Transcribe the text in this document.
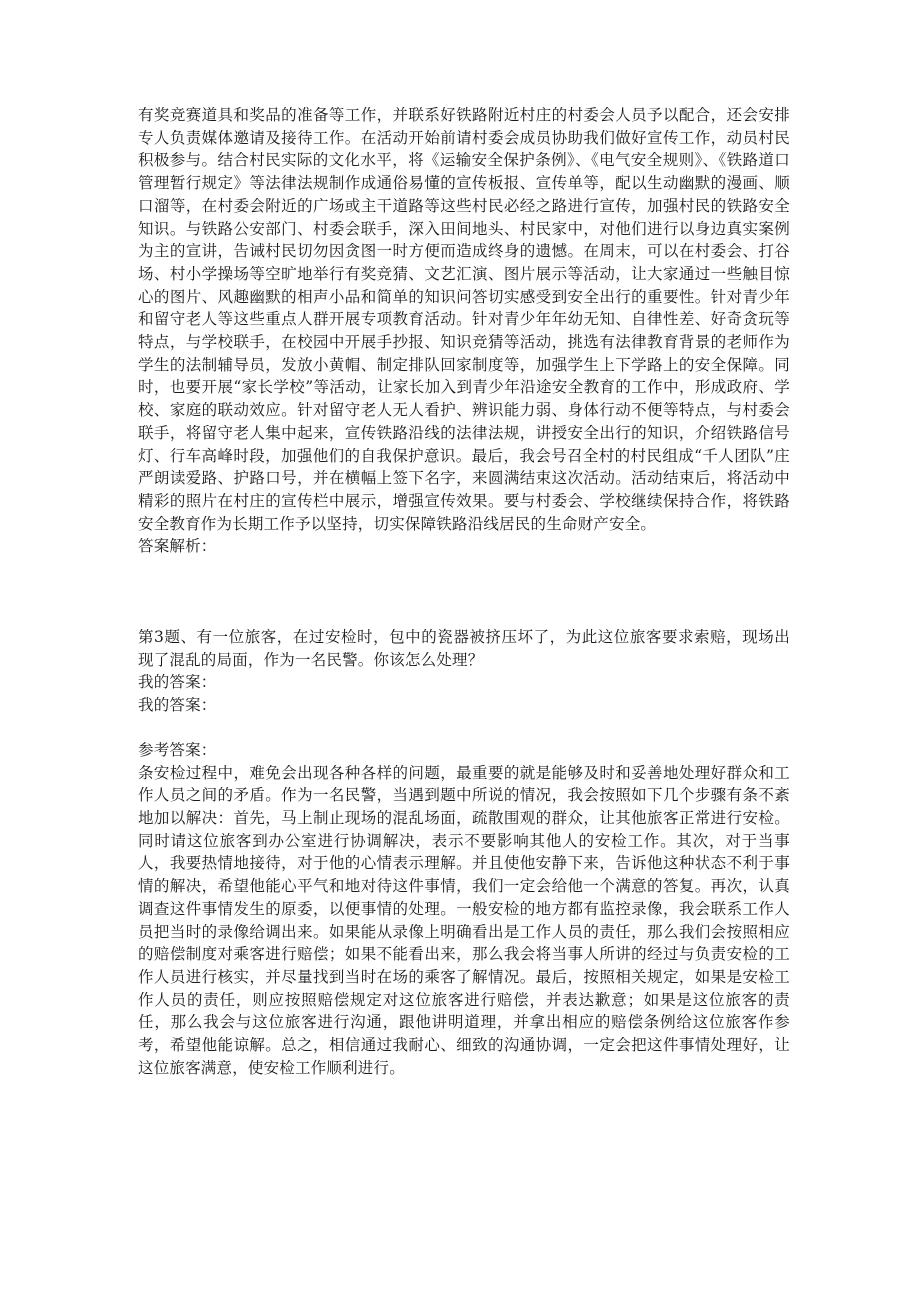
有奖竞赛道具和奖品的准备等工作，并联系好铁路附近村庄的村委会人员予以配合，还会安排专人负责媒体邀请及接待工作。在活动开始前请村委会成员协助我们做好宣传工作，动员村民积极参与。结合村民实际的文化水平，将《运输安全保护条例》、《电气安全规则》、《铁路道口管理暂行规定》等法律法规制作成通俗易懂的宣传板报、宣传单等，配以生动幽默的漫画、顺口溜等，在村委会附近的广场或主干道路等这些村民必经之路进行宣传，加强村民的铁路安全知识。与铁路公安部门、村委会联手，深入田间地头、村民家中，对他们进行以身边真实案例为主的宣讲，告诫村民切勿因贪图一时方便而造成终身的遗憾。在周末，可以在村委会、打谷场、村小学操场等空旷地举行有奖竞猜、文艺汇演、图片展示等活动，让大家通过一些触目惊心的图片、风趣幽默的相声小品和简单的知识问答切实感受到安全出行的重要性。针对青少年和留守老人等这些重点人群开展专项教育活动。针对青少年年幼无知、自律性差、好奇贪玩等特点，与学校联手，在校园中开展手抄报、知识竞猜等活动，挑选有法律教育背景的老师作为学生的法制辅导员，发放小黄帽、制定排队回家制度等，加强学生上下学路上的安全保障。同时，也要开展“家长学校”等活动，让家长加入到青少年沿途安全教育的工作中，形成政府、学校、家庭的联动效应。针对留守老人无人看护、辨识能力弱、身体行动不便等特点，与村委会联手，将留守老人集中起来，宣传铁路沿线的法律法规，讲授安全出行的知识，介绍铁路信号灯、行车高峰时段，加强他们的自我保护意识。最后，我会号召全村的村民组成“千人团队”庄严朗读爱路、护路口号，并在横幅上签下名字，来圆满结束这次活动。活动结束后，将活动中精彩的照片在村庄的宣传栏中展示，增强宣传效果。要与村委会、学校继续保持合作，将铁路安全教育作为长期工作予以坚持，切实保障铁路沿线居民的生命财产安全。

答案解析：

第3题、有一位旅客，在过安检时，包中的瓷器被挤压坏了，为此这位旅客要求索赔，现场出现了混乱的局面，作为一名民警。你该怎么处理？

我的答案：

我的答案：

参考答案：

条安检过程中，难免会出现各种各样的问题，最重要的就是能够及时和妥善地处理好群众和工作人员之间的矛盾。作为一名民警，当遇到题中所说的情况，我会按照如下几个步骤有条不紊地加以解决：首先，马上制止现场的混乱场面，疏散围观的群众，让其他旅客正常进行安检。同时请这位旅客到办公室进行协调解决，表示不要影响其他人的安检工作。其次，对于当事人，我要热情地接待，对于他的心情表示理解。并且使他安静下来，告诉他这种状态不利于事情的解决，希望他能心平气和地对待这件事情，我们一定会给他一个满意的答复。再次，认真调查这件事情发生的原委，以便事情的处理。一般安检的地方都有监控录像，我会联系工作人员把当时的录像给调出来。如果能从录像上明确看出是工作人员的责任，那么我们会按照相应的赔偿制度对乘客进行赔偿；如果不能看出来，那么我会将当事人所讲的经过与负责安检的工作人员进行核实，并尽量找到当时在场的乘客了解情况。最后，按照相关规定，如果是安检工作人员的责任，则应按照赔偿规定对这位旅客进行赔偿，并表达歉意；如果是这位旅客的责任，那么我会与这位旅客进行沟通，跟他讲明道理，并拿出相应的赔偿条例给这位旅客作参考，希望他能谅解。总之，相信通过我耐心、细致的沟通协调，一定会把这件事情处理好，让这位旅客满意，使安检工作顺利进行。
